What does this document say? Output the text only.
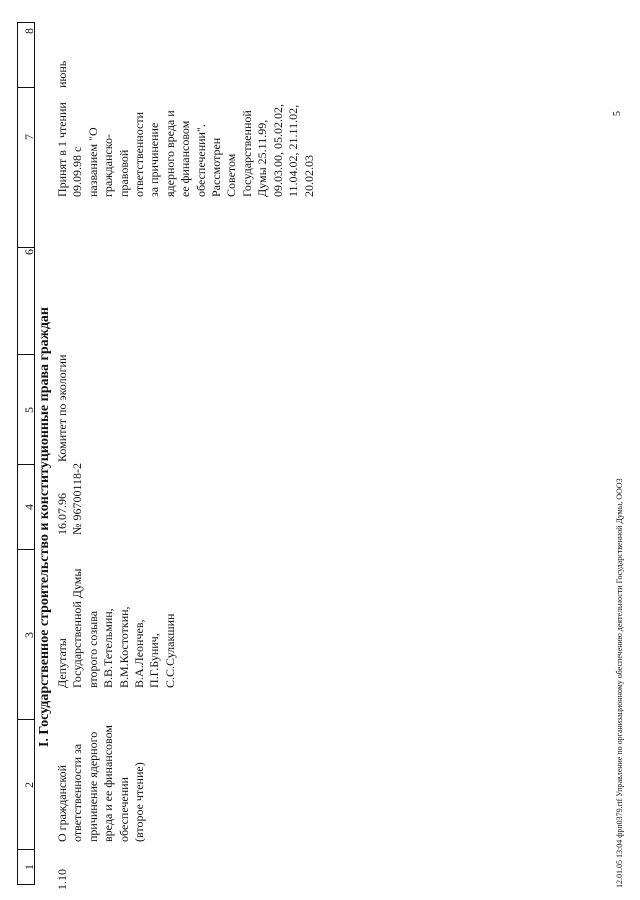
1
2
3
4
5
6
7
8
I. Государственное строительство и конституционные права граждан
1.10
О гражданской
ответственности за
причинение ядерного
вреда и ее финансовом
обеспечении
(второе чтение)
Депутаты
Государственной Думы
второго созыва
В.В.Тетельмин,
В.М.Костоткин,
В.А.Леончев,
П.Г.Бунич,
С.С.Сулакшин
16.07.96
№ 96700118-2
Комитет по экологии
Принят в 1 чтении
09.09.98 с
названием "О
гражданско-
правовой
ответственности
за причинение
ядерного вреда и
ее финансовом
обеспечении".
Рассмотрен
Советом
Государственной
Думы 25.11.99,
09.03.00, 05.02.02,
11.04.02, 21.11.02,
20.02.03
июнь
12.01.05 13:04 фрп0379.rtf Управление по организационному обеспечению деятельности Государственной Думы, ООО3
5
